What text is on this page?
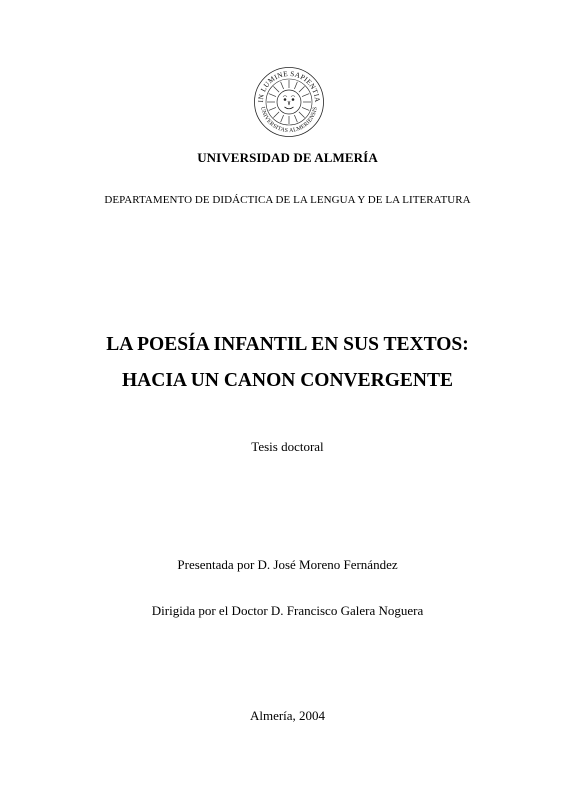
IN LUMINE SAPIENTIA
UNIVERSITAS ALMERIENSIS
UNIVERSIDAD DE ALMERÍA
DEPARTAMENTO DE DIDÁCTICA DE LA LENGUA Y DE LA LITERATURA
LA POESÍA INFANTIL EN SUS TEXTOS:
HACIA UN CANON CONVERGENTE
Tesis doctoral
Presentada por D. José Moreno Fernández
Dirigida por el Doctor D. Francisco Galera Noguera
Almería, 2004
